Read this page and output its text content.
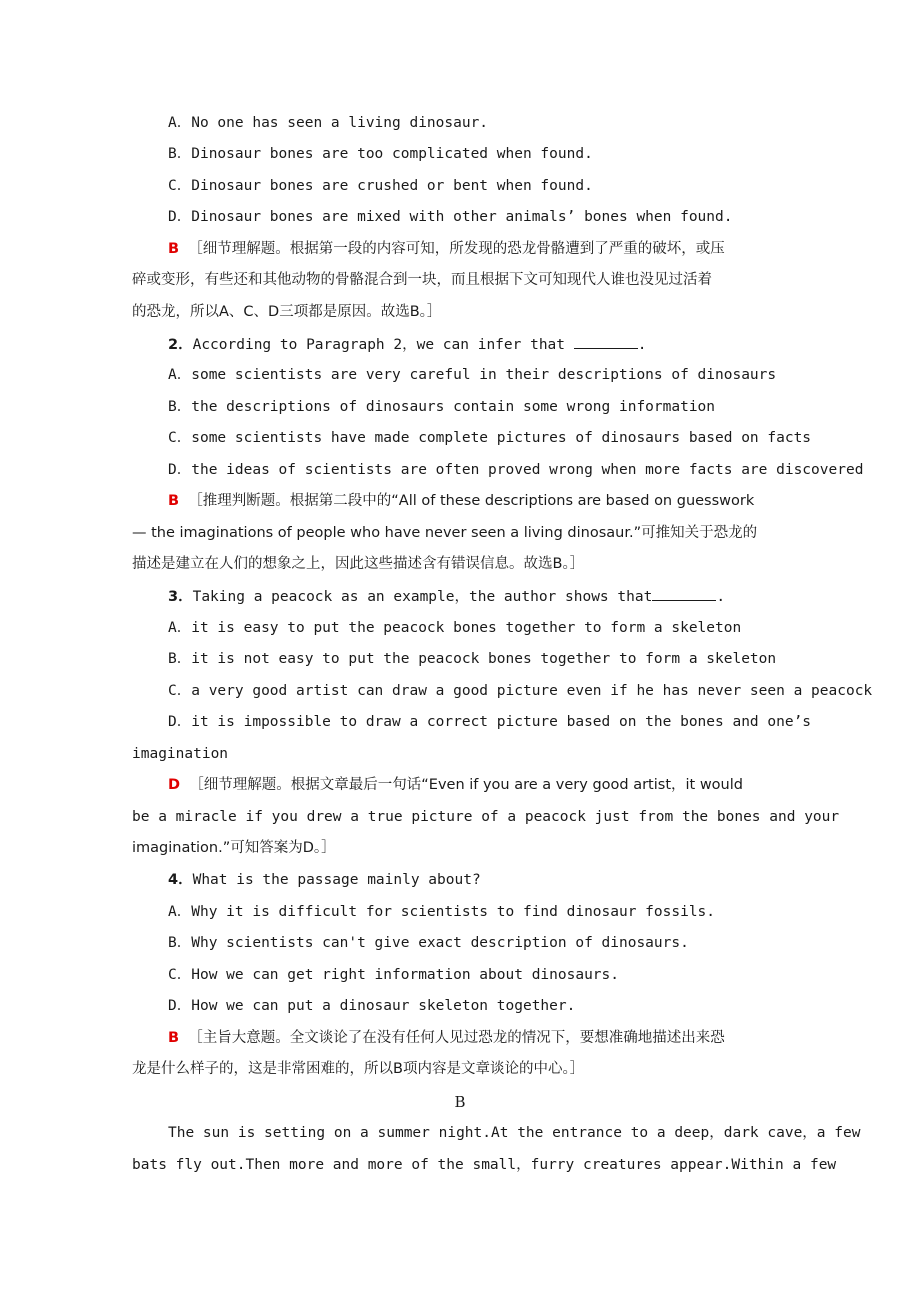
A．No one has seen a living dinosaur.
B．Dinosaur bones are too complicated when found.
C．Dinosaur bones are crushed or bent when found.
D．Dinosaur bones are mixed with other animals’ bones when found.
B ［细节理解题。根据第一段的内容可知，所发现的恐龙骨骼遭到了严重的破坏，或压
碎或变形，有些还和其他动物的骨骼混合到一块，而且根据下文可知现代人谁也没见过活着
的恐龙，所以A、C、D三项都是原因。故选B。］
2．According to Paragraph 2，we can infer that	.
A．some scientists are very careful in their descriptions of dinosaurs
B．the descriptions of dinosaurs contain some wrong information
C．some scientists have made complete pictures of dinosaurs based on facts
D．the ideas of scientists are often proved wrong when more facts are discovered
B ［推理判断题。根据第二段中的“All of these descriptions are based on guesswork
— the imaginations of people who have never seen a living dinosaur.”可推知关于恐龙的
描述是建立在人们的想象之上，因此这些描述含有错误信息。故选B。］
3．Taking a peacock as an example，the author shows that	.
A．it is easy to put the peacock bones together to form a skeleton
B．it is not easy to put the peacock bones together to form a skeleton
C．a very good artist can draw a good picture even if he has never seen a peacock
D．it is impossible to draw a correct picture based on the bones and one’s
imagination
D ［细节理解题。根据文章最后一句话“Even if you are a very good artist，it would
be a miracle if you drew a true picture of a peacock just from the bones and your
imagination.”可知答案为D。］
4．What is the passage mainly about?
A．Why it is difficult for scientists to find dinosaur fossils.
B．Why scientists can't give exact description of dinosaurs.
C．How we can get right information about dinosaurs.
D．How we can put a dinosaur skeleton together.
B ［主旨大意题。全文谈论了在没有任何人见过恐龙的情况下，要想准确地描述出来恐
龙是什么样子的，这是非常困难的，所以B项内容是文章谈论的中心。］
B
The sun is setting on a summer night.At the entrance to a deep，dark cave，a few
bats fly out.Then more and more of the small，furry creatures appear.Within a few
